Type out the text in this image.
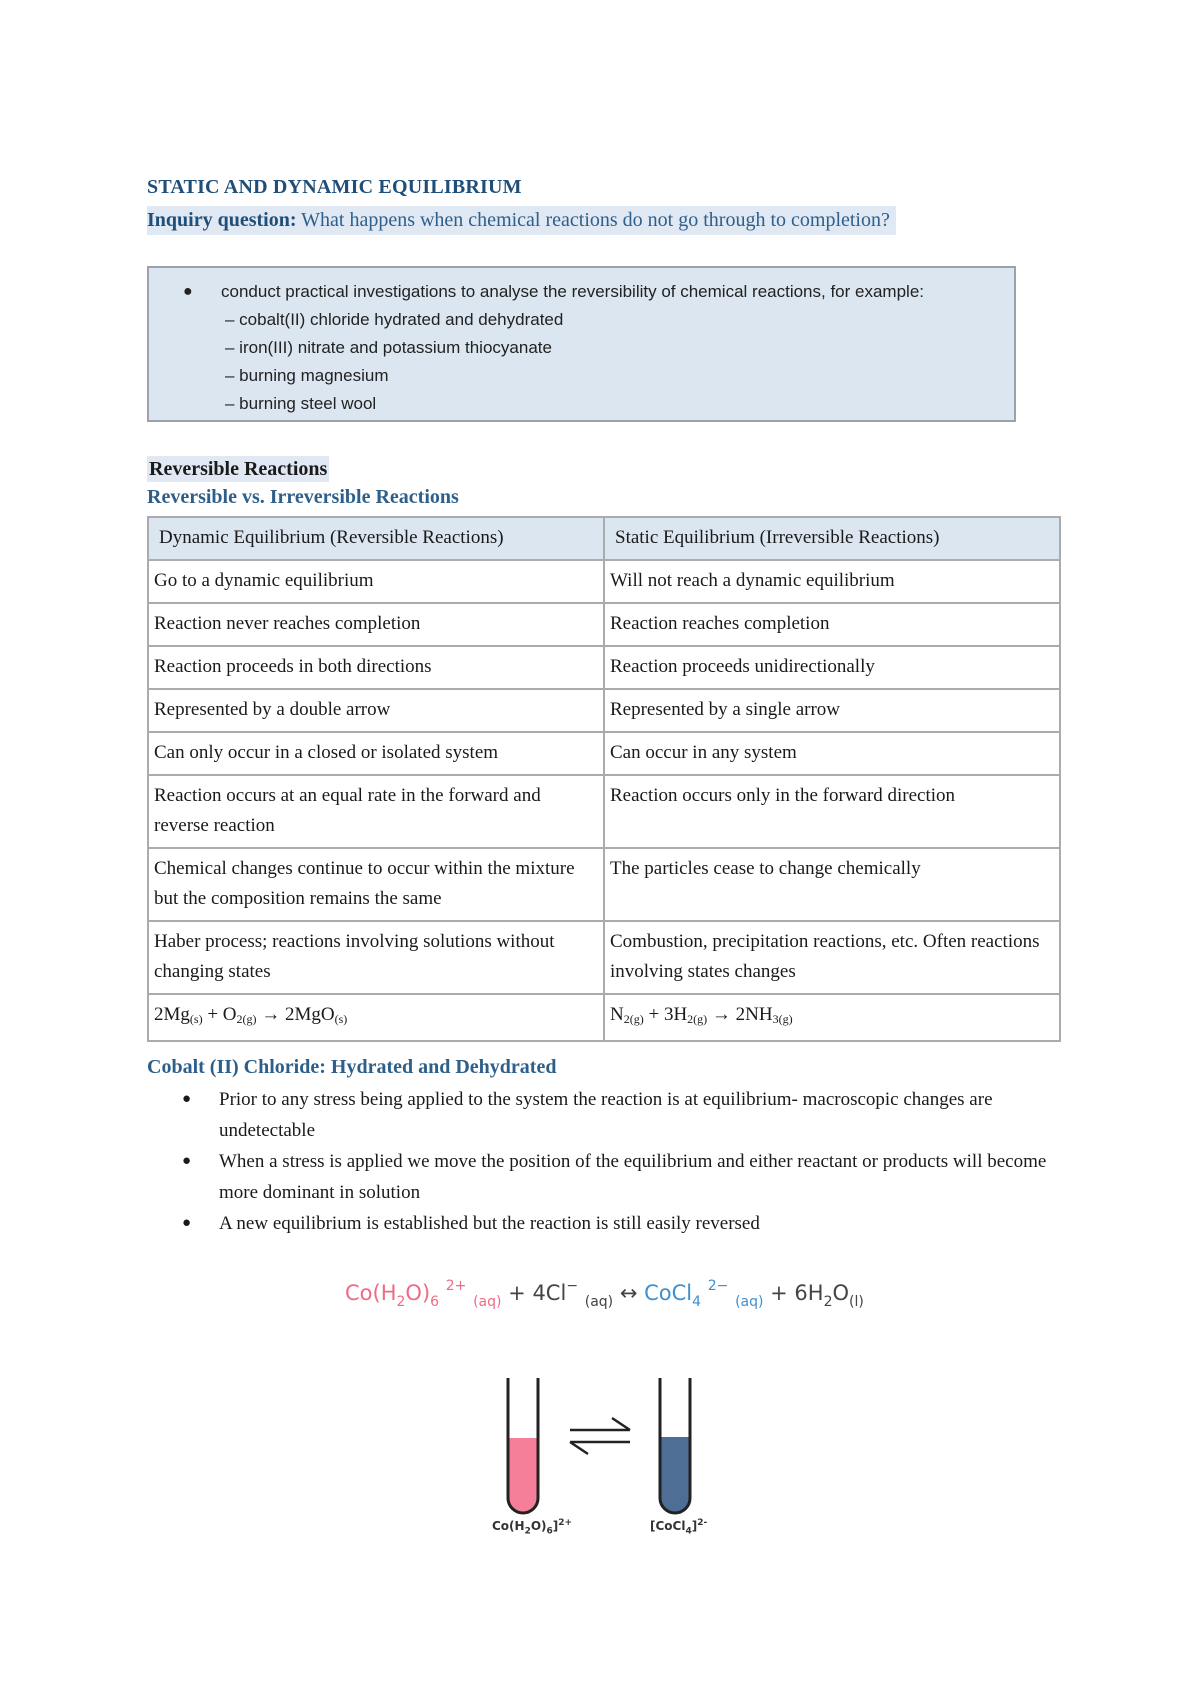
STATIC AND DYNAMIC EQUILIBRIUM
Inquiry question: What happens when chemical reactions do not go through to completion?
● conduct practical investigations to analyse the reversibility of chemical reactions, for example:
– cobalt(II) chloride hydrated and dehydrated
– iron(III) nitrate and potassium thiocyanate
– burning magnesium
– burning steel wool
Reversible Reactions
Reversible vs. Irreversible Reactions
Dynamic Equilibrium (Reversible Reactions)	Static Equilibrium (Irreversible Reactions)
Go to a dynamic equilibrium	Will not reach a dynamic equilibrium
Reaction never reaches completion	Reaction reaches completion
Reaction proceeds in both directions	Reaction proceeds unidirectionally
Represented by a double arrow	Represented by a single arrow
Can only occur in a closed or isolated system	Can occur in any system
Reaction occurs at an equal rate in the forward and reverse reaction	Reaction occurs only in the forward direction
Chemical changes continue to occur within the mixture but the composition remains the same	The particles cease to change chemically
Haber process; reactions involving solutions without changing states	Combustion, precipitation reactions, etc. Often reactions involving states changes
2Mg(s) + O2(g) → 2MgO(s)	N2(g) + 3H2(g) → 2NH3(g)
Cobalt (II) Chloride: Hydrated and Dehydrated
● Prior to any stress being applied to the system the reaction is at equilibrium- macroscopic changes are undetectable
● When a stress is applied we move the position of the equilibrium and either reactant or products will become more dominant in solution
● A new equilibrium is established but the reaction is still easily reversed
$Co(H_2O)_6$ $^{2+}$ $_{(aq)}$ + 4Cl− $_{(aq)}$ ↔ CoCl$_4$ $^{2-}$ $_{(aq)} + 6H_2O_{(l)}$
$Co(H_2O)_6]^{2+}$	[CoCl$_4$]$^{2-}$
